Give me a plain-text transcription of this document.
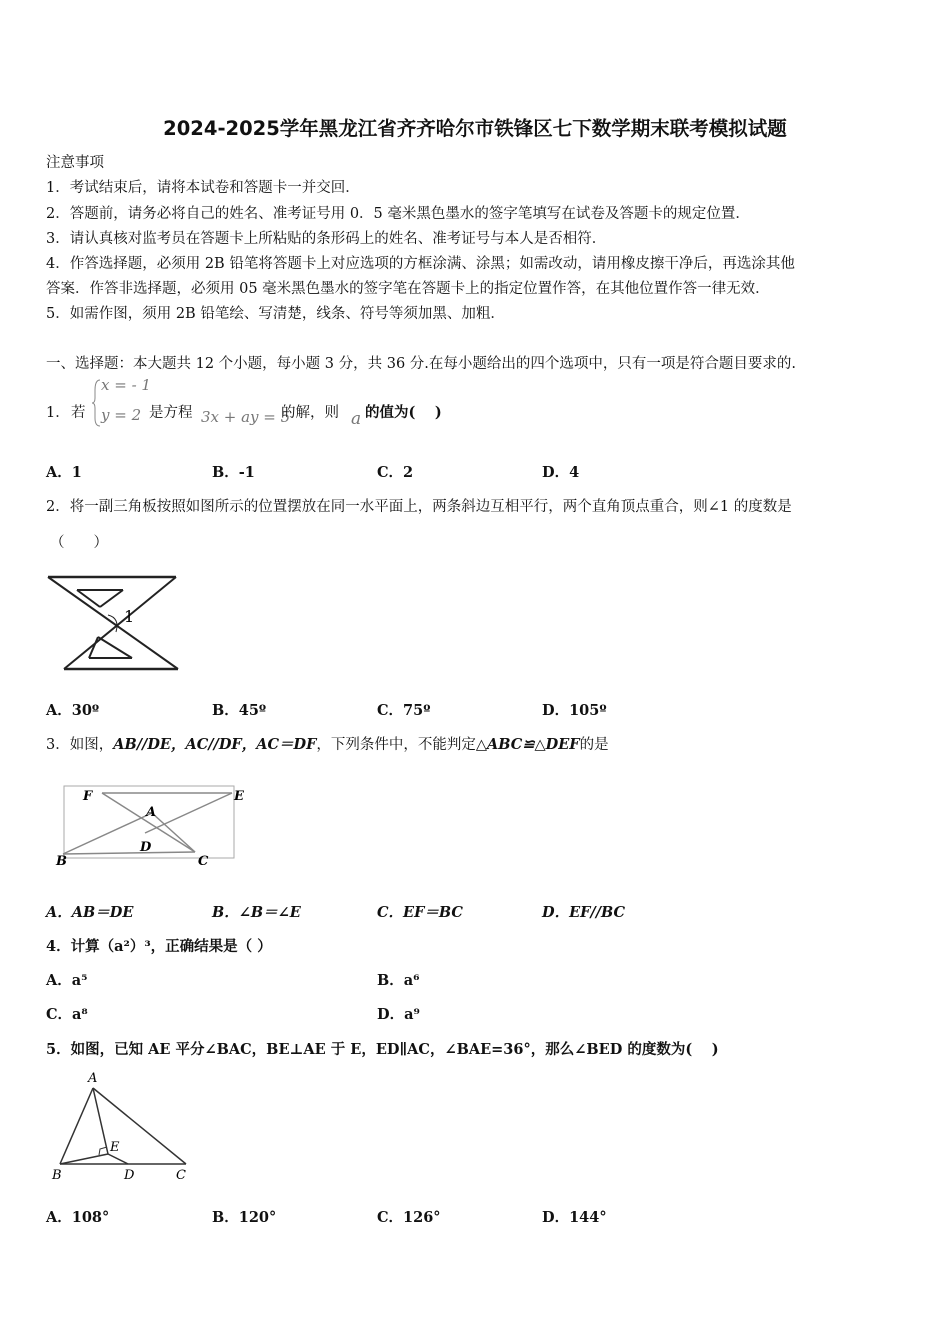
2024-2025学年黑龙江省齐齐哈尔市铁锋区七下数学期末联考模拟试题
注意事项
1．考试结束后，请将本试卷和答题卡一并交回．
2．答题前，请务必将自己的姓名、准考证号用 0．5 毫米黑色墨水的签字笔填写在试卷及答题卡的规定位置．
3．请认真核对监考员在答题卡上所粘贴的条形码上的姓名、准考证号与本人是否相符．
4．作答选择题，必须用 2B 铅笔将答题卡上对应选项的方框涂满、涂黑；如需改动，请用橡皮擦干净后，再选涂其他
答案．作答非选择题，必须用 05 毫米黑色墨水的签字笔在答题卡上的指定位置作答，在其他位置作答一律无效．
5．如需作图，须用 2B 铅笔绘、写清楚，线条、符号等须加黑、加粗．
一、选择题：本大题共 12 个小题，每小题 3 分，共 36 分.在每小题给出的四个选项中，只有一项是符合题目要求的.
1． 若
x = - 1
y = 2 是方程 3x + ay = 5
的解，则 a 的值为(　 )
A．1	B．-1	C．2	D．4
2．将一副三角板按照如图所示的位置摆放在同一水平面上，两条斜边互相平行，两个直角顶点重合，则∠1 的度数是
（　　）
1
A．30º	B．45º	C．75º	D．105º
3．如图，AB//DE，AC//DF，AC＝DF，下列条件中，不能判定△ABC≌△DEF的是
F
A
E
D
B	C
A．AB＝DE	B．∠B＝∠E	C．EF＝BC	D．EF//BC
4．计算（a²）³，正确结果是（ ）
A．a⁵	B．a⁶
C．a⁸	D．a⁹
5．如图，已知 AE 平分∠BAC，BE⊥AE 于 E，ED∥AC，∠BAE=36°，那么∠BED 的度数为(　 )
A
E
B	D	C
A．108°	B．120°	C．126°	D．144°
